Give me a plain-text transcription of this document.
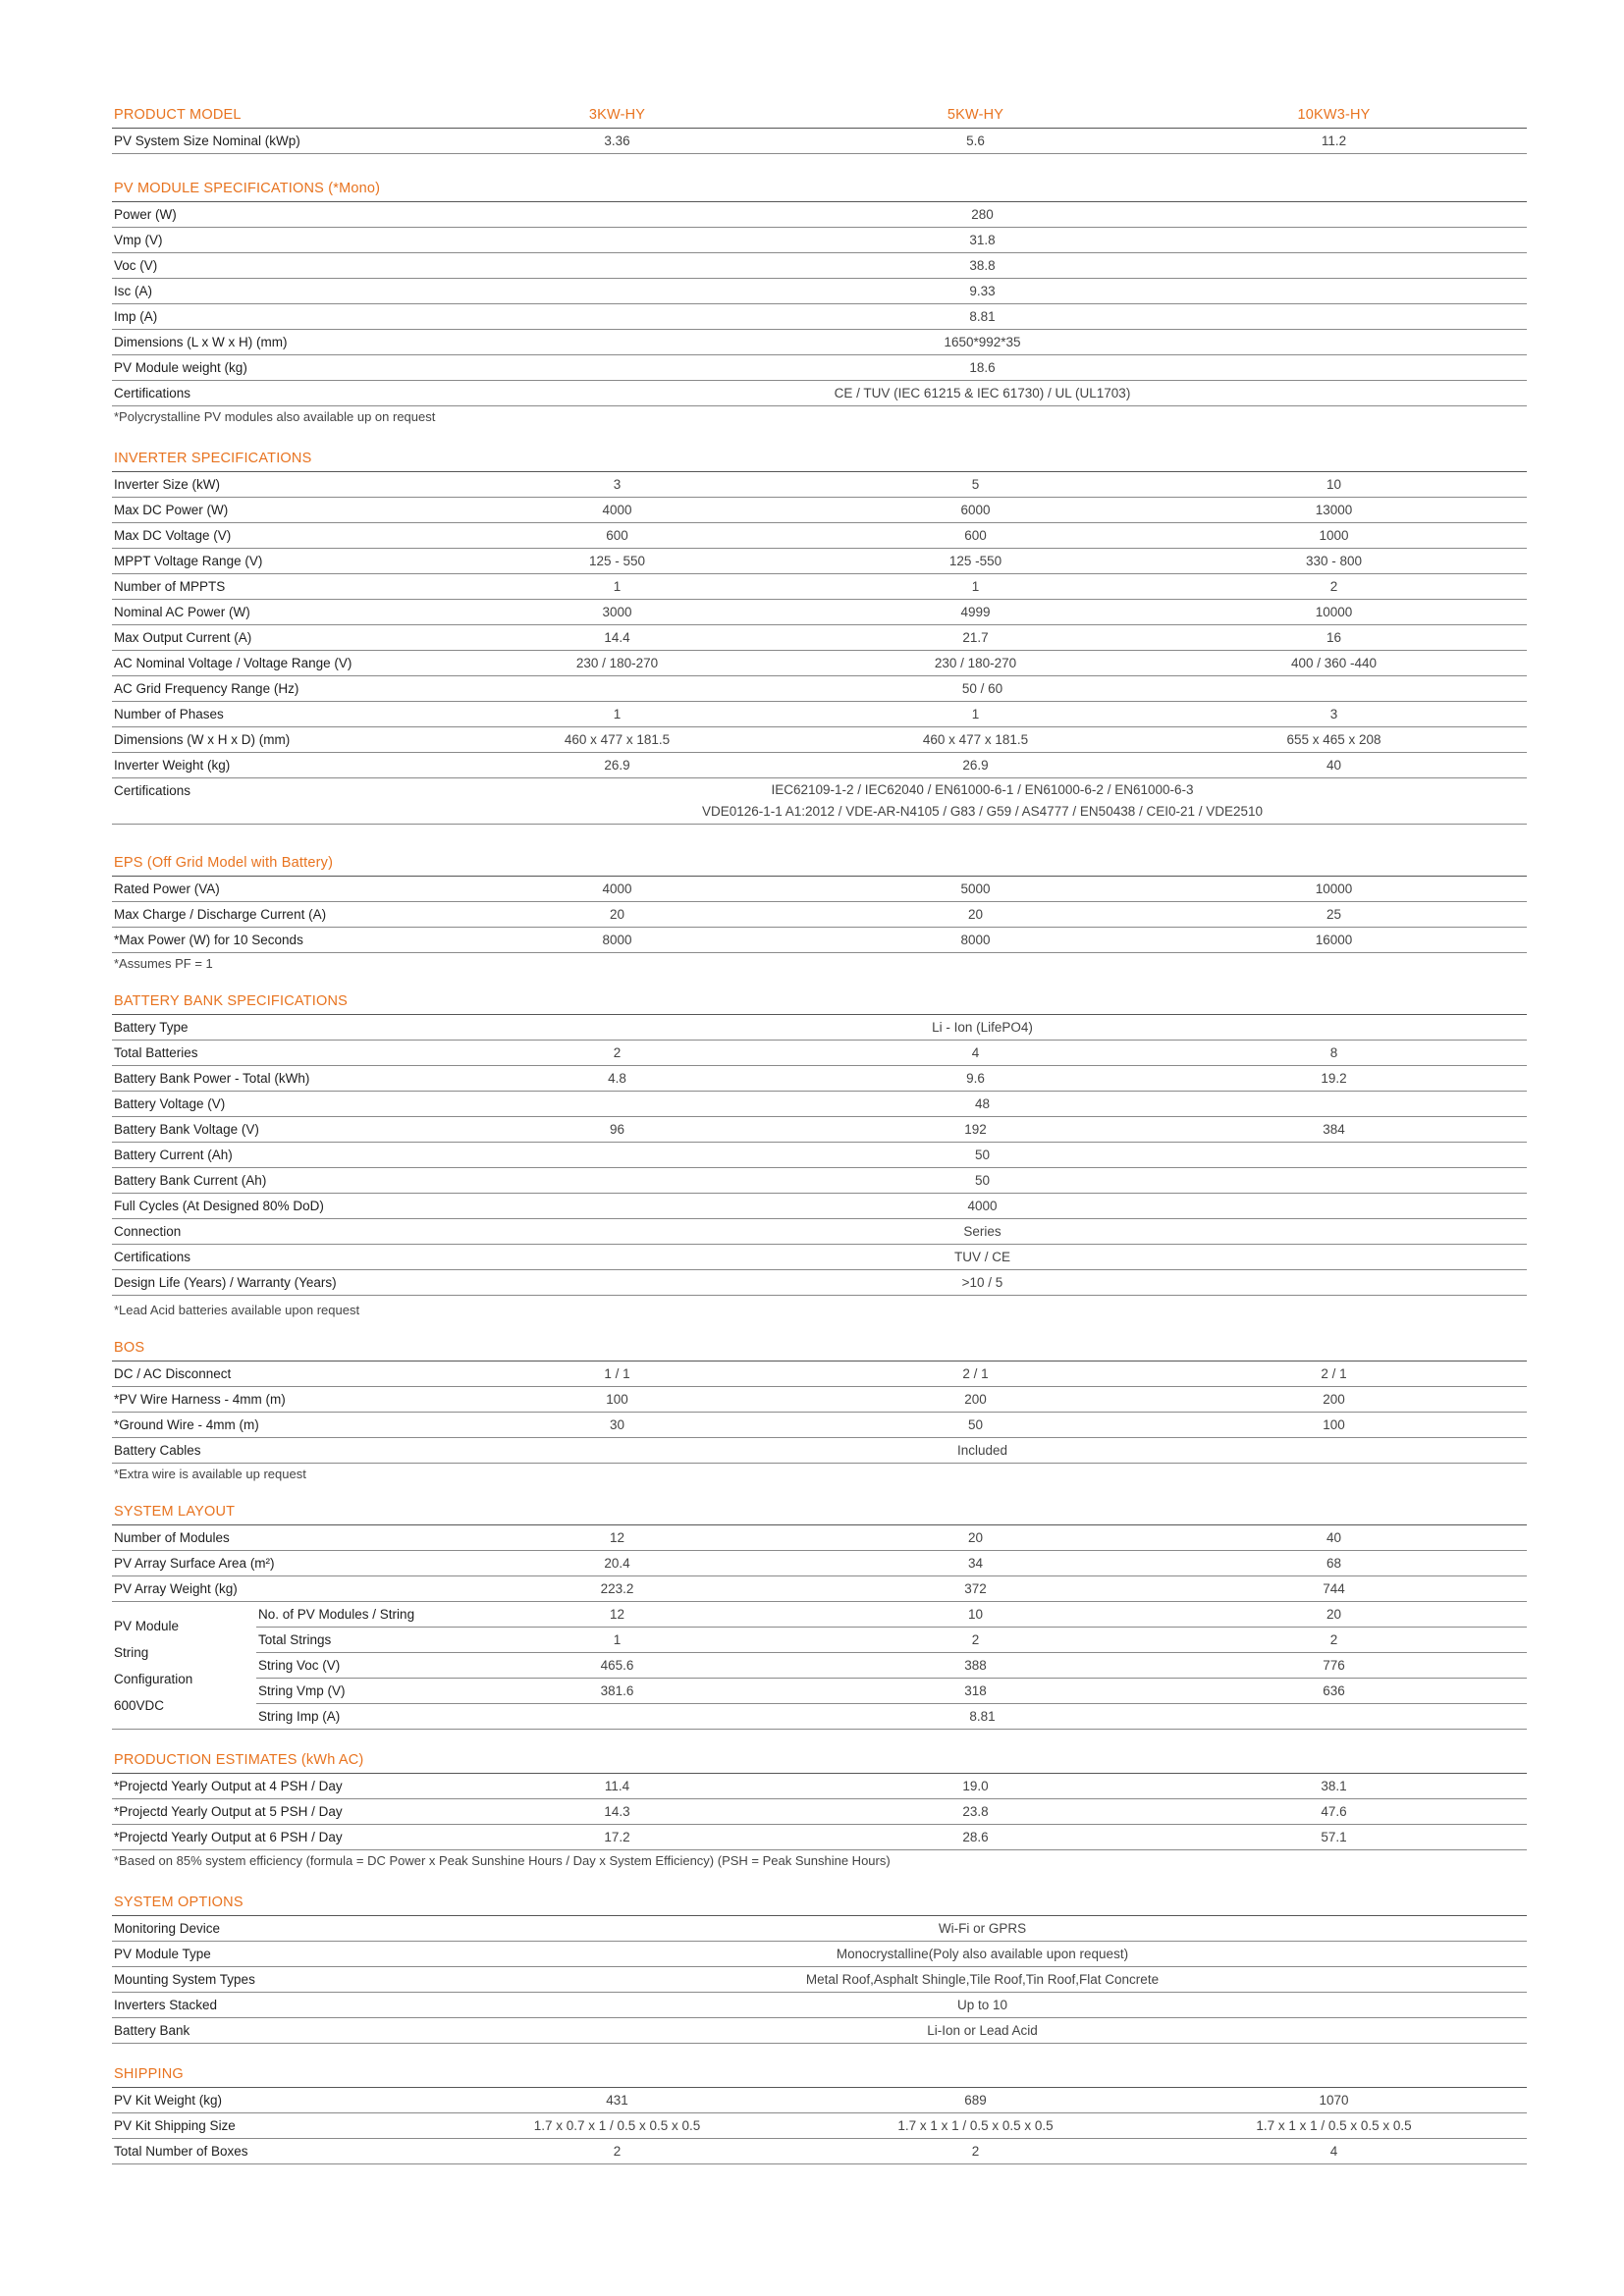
PRODUCT MODEL	3KW-HY	5KW-HY	10KW3-HY
PV System Size Nominal (kWp)	3.36	5.6	11.2
PV MODULE SPECIFICATIONS (*Mono)
Power (W)	280
Vmp (V)	31.8
Voc (V)	38.8
Isc (A)	9.33
Imp (A)	8.81
Dimensions (L x W x H) (mm)	1650*992*35
PV Module weight (kg)	18.6
Certifications	CE / TUV (IEC 61215 & IEC 61730) / UL (UL1703)
*Polycrystalline PV modules also available up on request
INVERTER SPECIFICATIONS
Inverter Size (kW)	3	5	10
Max DC Power (W)	4000	6000	13000
Max DC Voltage (V)	600	600	1000
MPPT Voltage Range (V)	125 - 550	125 -550	330 - 800
Number of MPPTS	1	1	2
Nominal AC Power (W)	3000	4999	10000
Max Output Current (A)	14.4	21.7	16
AC Nominal Voltage / Voltage Range (V)	230 / 180-270	230 / 180-270	400 / 360 -440
AC Grid Frequency Range (Hz)	50 / 60
Number of Phases	1	1	3
Dimensions (W x H x D) (mm)	460 x 477 x 181.5	460 x 477 x 181.5	655 x 465 x 208
Inverter Weight (kg)	26.9	26.9	40
Certifications	IEC62109-1-2 / IEC62040 / EN61000-6-1 / EN61000-6-2 / EN61000-6-3
VDE0126-1-1 A1:2012 / VDE-AR-N4105 / G83 / G59 / AS4777 / EN50438 / CEI0-21 / VDE2510
EPS (Off Grid Model with Battery)
Rated Power (VA)	4000	5000	10000
Max Charge / Discharge Current (A)	20	20	25
*Max Power (W) for 10 Seconds	8000	8000	16000
*Assumes PF = 1
BATTERY BANK SPECIFICATIONS
Battery Type	Li - Ion (LifePO4)
Total Batteries	2	4	8
Battery Bank Power - Total (kWh)	4.8	9.6	19.2
Battery Voltage (V)	48
Battery Bank Voltage (V)	96	192	384
Battery Current (Ah)	50
Battery Bank Current (Ah)	50
Full Cycles (At Designed 80% DoD)	4000
Connection	Series
Certifications	TUV / CE
Design Life (Years) / Warranty (Years)	>10 / 5
*Lead Acid batteries available upon request
BOS
DC / AC Disconnect	1 / 1	2 / 1	2 / 1
*PV Wire Harness - 4mm (m)	100	200	200
*Ground Wire - 4mm (m)	30	50	100
Battery Cables	Included
*Extra wire is available up request
SYSTEM LAYOUT
Number of Modules	12	20	40
PV Array Surface Area (m²)	20.4	34	68
PV Array Weight (kg)	223.2	372	744
PV Module
String
Configuration
600VDC
No. of PV Modules / String	12	10	20
Total Strings	1	2	2
String Voc (V)	465.6	388	776
String Vmp (V)	381.6	318	636
String Imp (A)	8.81
PRODUCTION ESTIMATES (kWh AC)
*Projectd Yearly Output at 4 PSH / Day	11.4	19.0	38.1
*Projectd Yearly Output at 5 PSH / Day	14.3	23.8	47.6
*Projectd Yearly Output at 6 PSH / Day	17.2	28.6	57.1
*Based on 85% system efficiency (formula = DC Power x Peak Sunshine Hours / Day x System Efficiency) (PSH = Peak Sunshine Hours)
SYSTEM OPTIONS
Monitoring Device	Wi-Fi or GPRS
PV Module Type	Monocrystalline(Poly also available upon request)
Mounting System Types	Metal Roof,Asphalt Shingle,Tile Roof,Tin Roof,Flat Concrete
Inverters Stacked	Up to 10
Battery Bank	Li-Ion or Lead Acid
SHIPPING
PV Kit Weight (kg)	431	689	1070
PV Kit Shipping Size	1.7 x 0.7 x 1 / 0.5 x 0.5 x 0.5	1.7 x 1 x 1 / 0.5 x 0.5 x 0.5	1.7 x 1 x 1 / 0.5 x 0.5 x 0.5
Total Number of Boxes	2	2	4
